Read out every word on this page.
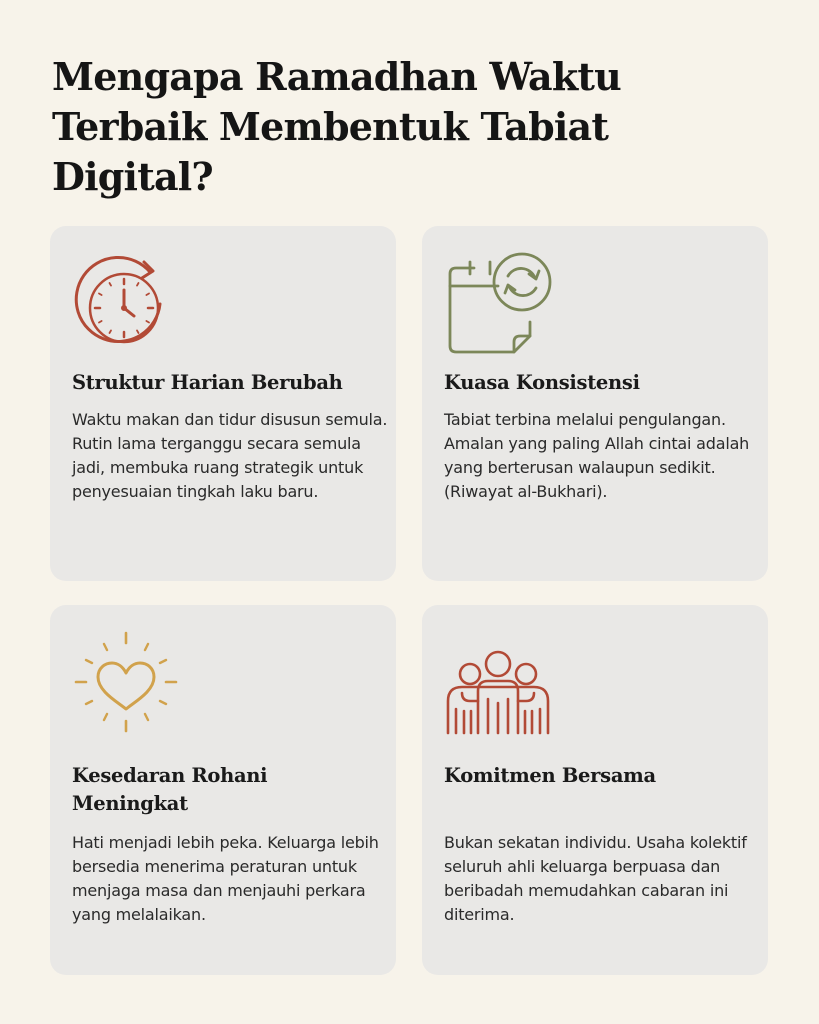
Mengapa Ramadhan Waktu Terbaik Membentuk Tabiat Digital?
Struktur Harian Berubah

Waktu makan dan tidur disusun semula. Rutin lama terganggu secara semula jadi, membuka ruang strategik untuk penyesuaian tingkah laku baru.

Kuasa Konsistensi

Tabiat terbina melalui pengulangan. Amalan yang paling Allah cintai adalah yang berterusan walaupun sedikit. (Riwayat al-Bukhari).

Kesedaran Rohani Meningkat

Hati menjadi lebih peka. Keluarga lebih bersedia menerima peraturan untuk menjaga masa dan menjauhi perkara yang melalaikan.

Komitmen Bersama

Bukan sekatan individu. Usaha kolektif seluruh ahli keluarga berpuasa dan beribadah memudahkan cabaran ini diterima.
